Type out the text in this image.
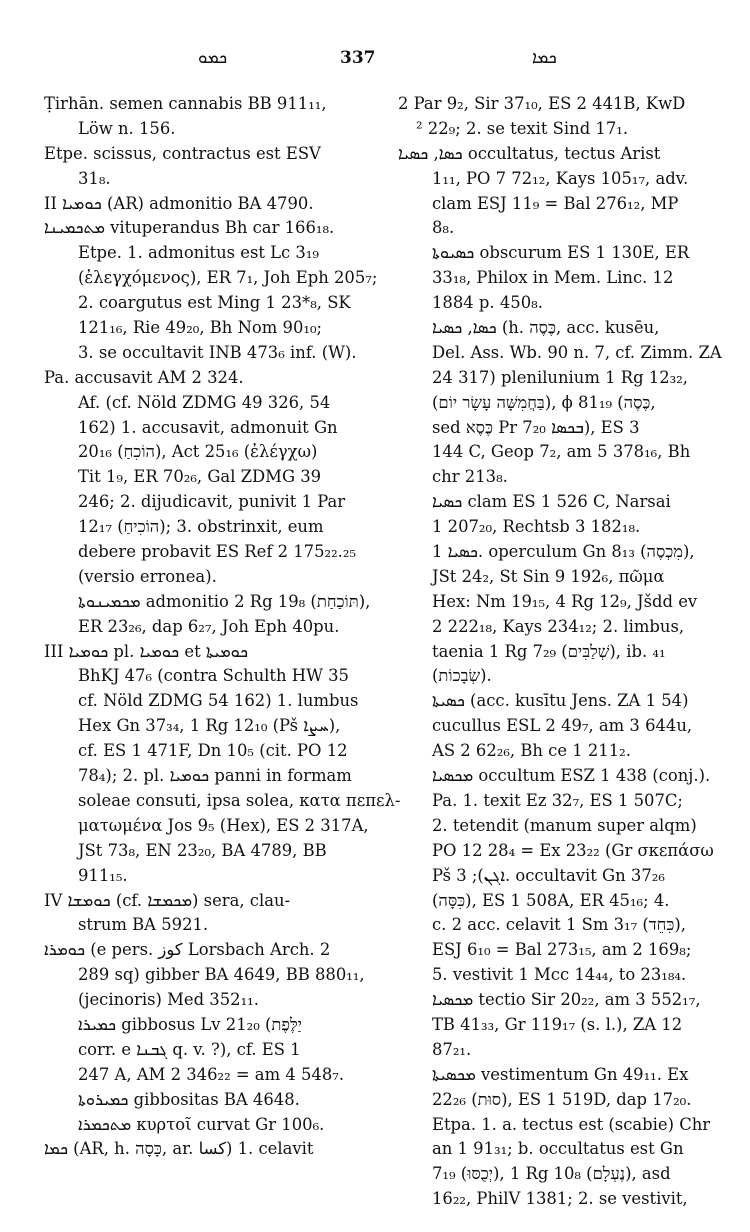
ܟܡܘ	337	ܟܡܐ
Ṭirhān. semen cannabis BB 911₁₁,
Löw n. 156.
Etpe. scissus, contractus est ESV
31₈.
II ܟܘܡܝܐ (AR) admonitio BA 4790.
ܡܬܟܡܝܢܐ vituperandus Bh car 166₁₈.
Etpe. 1. admonitus est Lc 3₁₉
(ἐλεγχόμενος), ER 7₁, Joh Eph 205₇;
2. coargutus est Ming 1 23*₈, SK
121₁₆, Rie 49₂₀, Bh Nom 90₁₀;
3. se occultavit INB 473₆ inf. (W).
Pa. accusavit AM 2 324.
Af. (cf. Nöld ZDMG 49 326, 54
162) 1. accusavit, admonuit Gn
20₁₆ (הוֹכִחַ), Act 25₁₆ (ἐλέγχω)
Tit 1₉, ER 70₂₆, Gal ZDMG 39
246; 2. dijudicavit, punivit 1 Par
12₁₇ (הוֹכִיחַ); 3. obstrinxit, eum
debere probavit ES Ref 2 175₂₂.₂₅
(versio erronea).
ܡܟܡܝܢܘܬܐ admonitio 2 Rg 19₈ (תּוֹכַחַת),
ER 23₂₆, dap 6₂₇, Joh Eph 40pu.
III ܟܘܡܝܐ pl. ܟܘܡܝܐ et ܟܘܡܝܬܐ
BhKJ 47₆ (contra Schulth HW 35
cf. Nöld ZDMG 54 162) 1. lumbus
Hex Gn 37₃₄, 1 Rg 12₁₀ (Pš ܚܨܐ),
cf. ES 1 471F, Dn 10₅ (cit. PO 12
78₄); 2. pl. ܟܘܡܝܐ panni in formam
soleae consuti, ipsa solea, κατα πεπελ-
ματωμένα Jos 9₅ (Hex), ES 2 317A,
JSt 73₈, EN 23₂₀, BA 4789, BB
911₁₅.
IV ܟܘܡܫܐ (cf. ܡܟܡܫܐ) sera, clau-
strum BA 5921.
ܟܘܡܪܐ (e pers. كوز Lorsbach Arch. 2
289 sq) gibber BA 4649, BB 880₁₁,
(jecinoris) Med 352₁₁.
ܟܡܝܪܐ gibbosus Lv 21₂₀ (יַלֶּפֶת
corr. e ܓܒܢܐ q. v. ?), cf. ES 1
247 A, AM 2 346₂₂ = am 4 548₇.
ܟܡܝܪܘܬܐ gibbositas BA 4648.
ܡܬܟܡܪܐ κυρτοῖ curvat Gr 100₆.
ܟܡܐ (AR, h. כָּסָה, ar. كسا) 1. celavit
2 Par 9₂, Sir 37₁₀, ES 2 441B, KwD
² 22₉; 2. se texit Sind 17₁.
ܟܣܐ, ܟܣܝܐ occultatus, tectus Arist
1₁₁, PO 7 72₁₂, Kays 105₁₇, adv.
clam ESJ 11₉ = Bal 276₁₂, MP
8₈.
ܟܣܝܘܬܐ obscurum ES 1 130E, ER
33₁₈, Philox in Mem. Linc. 12
1884 p. 450₈.
ܟܣܐ, ܟܣܝܐ (h. כֶּסֶה, acc. kusēu,
Del. Ass. Wb. 90 n. 7, cf. Zimm. ZA
24 317) plenilunium 1 Rg 12₃₂,
(בַּחֲמִשָּׁה עָשָׂר יוֹם), ϕ 81₁₉ (כֶּסֶה,
sed כֶּסֶא Pr 7₂₀ ܒܟܣܐ), ES 3
144 C, Geop 7₂, am 5 378₁₆, Bh
chr 213₈.
ܟܣܝܐ clam ES 1 526 C, Narsai
1 207₂₀, Rechtsb 3 182₁₈.
ܟܣܝܐ 1. operculum Gn 8₁₃ (מִכְסֶה),
JSt 24₂, St Sin 9 192₆, πῶμα
Hex: Nm 19₁₅, 4 Rg 12₉, Jšdd ev
2 222₁₈, Kays 234₁₂; 2. limbus,
taenia 1 Rg 7₂₉ (שְׁלַבִּים), ib. ₄₁
(שְׂבָכוֹת).
ܟܣܝܬܐ (acc. kusītu Jens. ZA 1 54)
cucullus ESL 2 49₇, am 3 644u,
AS 2 62₂₆, Bh ce 1 211₂.
ܡܟܣܝܐ occultum ESZ 1 438 (conj.).
Pa. 1. texit Ez 32₇, ES 1 507C;
2. tetendit (manum super alqm)
PO 12 28₄ = Ex 23₂₂ (Gr σκεπάσω
Pš ܐܓܢ); 3. occultavit Gn 37₂₆
(כִּסָּה), ES 1 508A, ER 45₁₆; 4.
c. 2 acc. celavit 1 Sm 3₁₇ (כִּחֵד),
ESJ 6₁₀ = Bal 273₁₅, am 2 169₈;
5. vestivit 1 Mcc 14₄₄, to 23₁₈₄.
ܡܟܣܝܐ tectio Sir 20₂₂, am 3 552₁₇,
TB 41₃₃, Gr 119₁₇ (s. l.), ZA 12
87₂₁.
ܡܟܣܝܬܐ vestimentum Gn 49₁₁. Ex
22₂₆ (סוּת), ES 1 519D, dap 17₂₀.
Etpa. 1. a. tectus est (scabie) Chr
an 1 91₃₁; b. occultatus est Gn
7₁₉ (יְכֻסּוּ), 1 Rg 10₈ (נֶעְלָם), asd
16₂₂, PhilV 1381; 2. se vestivit,
